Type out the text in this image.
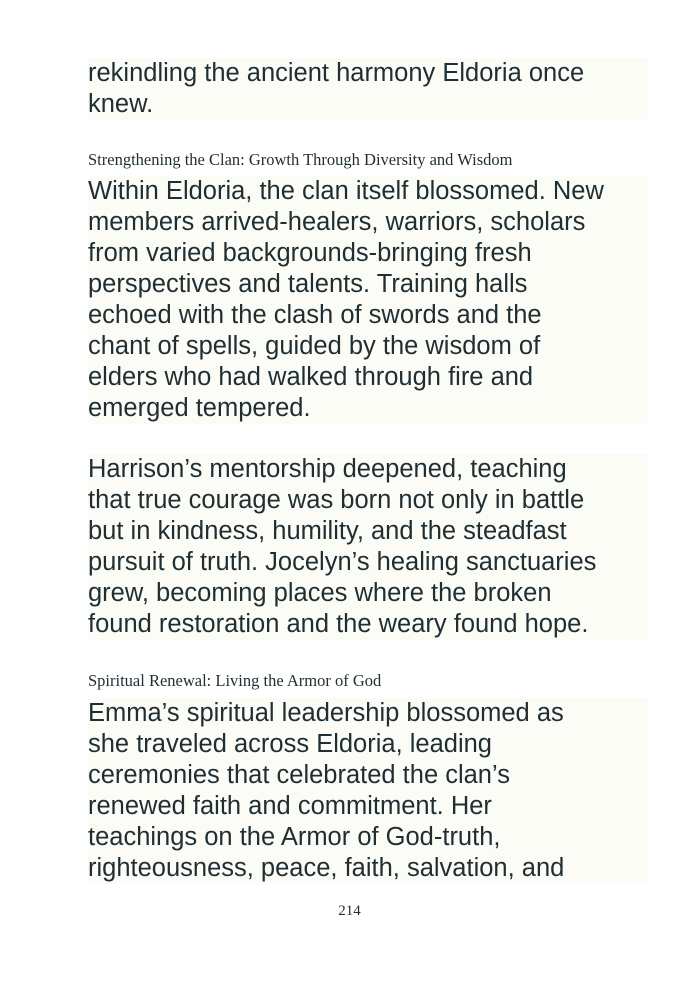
rekindling the ancient harmony Eldoria once
knew.
Strengthening the Clan: Growth Through Diversity and Wisdom
Within Eldoria, the clan itself blossomed. New
members arrived-healers, warriors, scholars
from varied backgrounds-bringing fresh
perspectives and talents. Training halls
echoed with the clash of swords and the
chant of spells, guided by the wisdom of
elders who had walked through fire and
emerged tempered.
Harrison’s mentorship deepened, teaching
that true courage was born not only in battle
but in kindness, humility, and the steadfast
pursuit of truth. Jocelyn’s healing sanctuaries
grew, becoming places where the broken
found restoration and the weary found hope.
Spiritual Renewal: Living the Armor of God
Emma’s spiritual leadership blossomed as
she traveled across Eldoria, leading
ceremonies that celebrated the clan’s
renewed faith and commitment. Her
teachings on the Armor of God-truth,
righteousness, peace, faith, salvation, and
214
